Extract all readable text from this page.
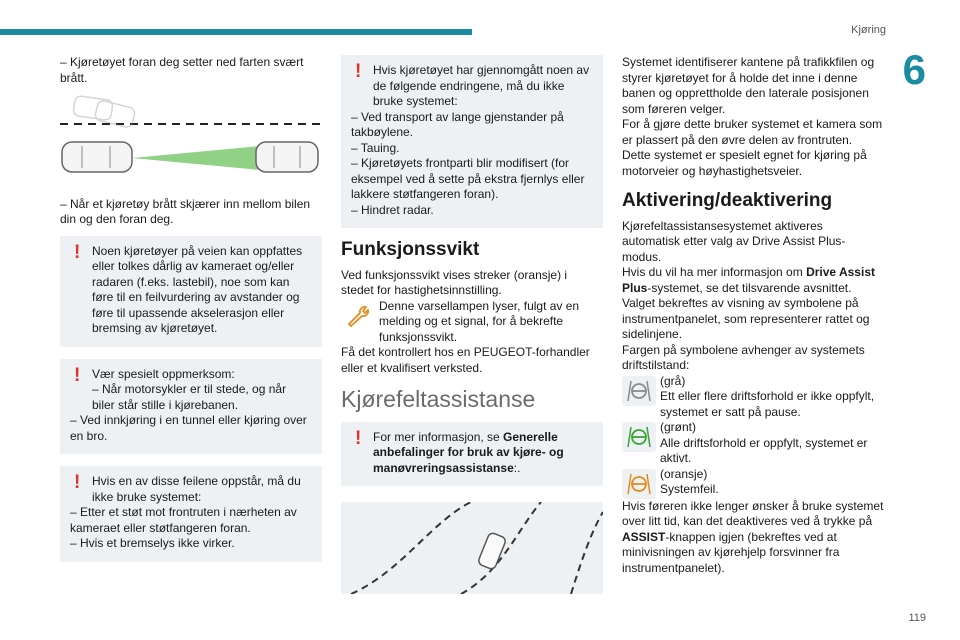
Kjøring
6
119

– Kjøretøyet foran deg setter ned farten svært brått.

– Når et kjøretøy brått skjærer inn mellom bilen din og den foran deg.

! Noen kjøretøyer på veien kan oppfattes eller tolkes dårlig av kameraet og/eller radaren (f.eks. lastebil), noe som kan føre til en feilvurdering av avstander og føre til upassende akselerasjon eller bremsing av kjøretøyet.

! Vær spesielt oppmerksom:

– Når motorsykler er til stede, og når biler står stille i kjørebanen.

– Ved innkjøring i en tunnel eller kjøring over en bro.

! Hvis en av disse feilene oppstår, må du ikke bruke systemet:

– Etter et støt mot frontruten i nærheten av kameraet eller støtfangeren foran.

– Hvis et bremselys ikke virker.

! Hvis kjøretøyet har gjennomgått noen av de følgende endringene, må du ikke bruke systemet:

– Ved transport av lange gjenstander på takbøylene.

– Tauing.

– Kjøretøyets frontparti blir modifisert (for eksempel ved å sette på ekstra fjernlys eller lakkere støtfangeren foran).

– Hindret radar.

Funksjonssvikt

Ved funksjonssvikt vises streker (oransje) i stedet for hastighetsinnstilling.

Denne varsellampen lyser, fulgt av en melding og et signal, for å bekrefte funksjonssvikt.

Få det kontrollert hos en PEUGEOT-forhandler eller et kvalifisert verksted.

Kjørefeltassistanse
! For mer informasjon, se Generelle anbefalinger for bruk av kjøre- og manøvreringsassistanse:.

Systemet identifiserer kantene på trafikkfilen og styrer kjøretøyet for å holde det inne i denne banen og opprettholde den laterale posisjonen som føreren velger.

For å gjøre dette bruker systemet et kamera som er plassert på den øvre delen av frontruten.

Dette systemet er spesielt egnet for kjøring på motorveier og høyhastighetsveier.

Aktivering/deaktivering

Kjørefeltassistansesystemet aktiveres automatisk etter valg av Drive Assist Plus-modus.

Hvis du vil ha mer informasjon om Drive Assist Plus-systemet, se det tilsvarende avsnittet.

Valget bekreftes av visning av symbolene på instrumentpanelet, som representerer rattet og sidelinjene.

Fargen på symbolene avhenger av systemets driftstilstand:

(grå)

Ett eller flere driftsforhold er ikke oppfylt, systemet er satt på pause.

(grønt)

Alle driftsforhold er oppfylt, systemet er aktivt.

(oransje)

Systemfeil.

Hvis føreren ikke lenger ønsker å bruke systemet over litt tid, kan det deaktiveres ved å trykke på ASSIST-knappen igjen (bekreftes ved at minivisningen av kjørehjelp forsvinner fra instrumentpanelet).
